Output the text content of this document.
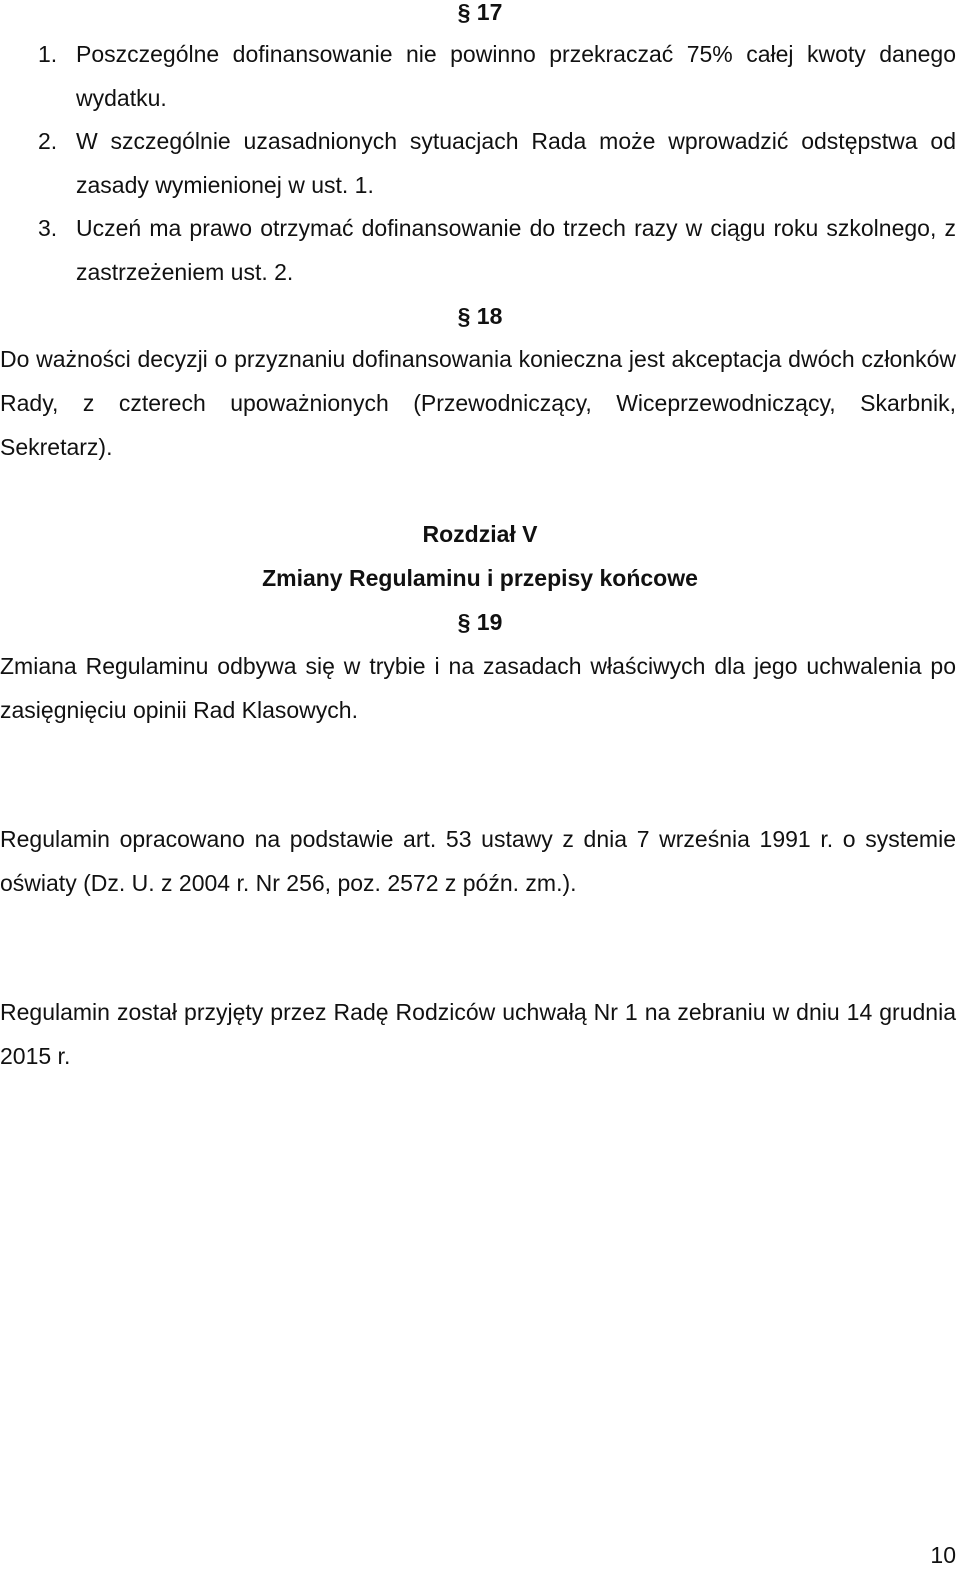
§ 17
1. Poszczególne dofinansowanie nie powinno przekraczać 75% całej kwoty danego wydatku.

2. W szczególnie uzasadnionych sytuacjach Rada może wprowadzić odstępstwa od zasady wymienionej w ust. 1.

3. Uczeń ma prawo otrzymać dofinansowanie do trzech razy w ciągu roku szkolnego, z zastrzeżeniem ust. 2.

§ 18

Do ważności decyzji o przyznaniu dofinansowania konieczna jest akceptacja dwóch członków Rady, z czterech upoważnionych (Przewodniczący, Wiceprzewodniczący, Skarbnik, Sekretarz).

Rozdział V
Zmiany Regulaminu i przepisy końcowe
§ 19

Zmiana Regulaminu odbywa się w trybie i na zasadach właściwych dla jego uchwalenia po zasięgnięciu opinii Rad Klasowych.

Regulamin opracowano na podstawie art. 53 ustawy z dnia 7 września 1991 r. o systemie oświaty (Dz. U. z 2004 r. Nr 256, poz. 2572 z późn. zm.).

Regulamin został przyjęty przez Radę Rodziców uchwałą Nr 1 na zebraniu w dniu 14 grudnia 2015 r.

10
